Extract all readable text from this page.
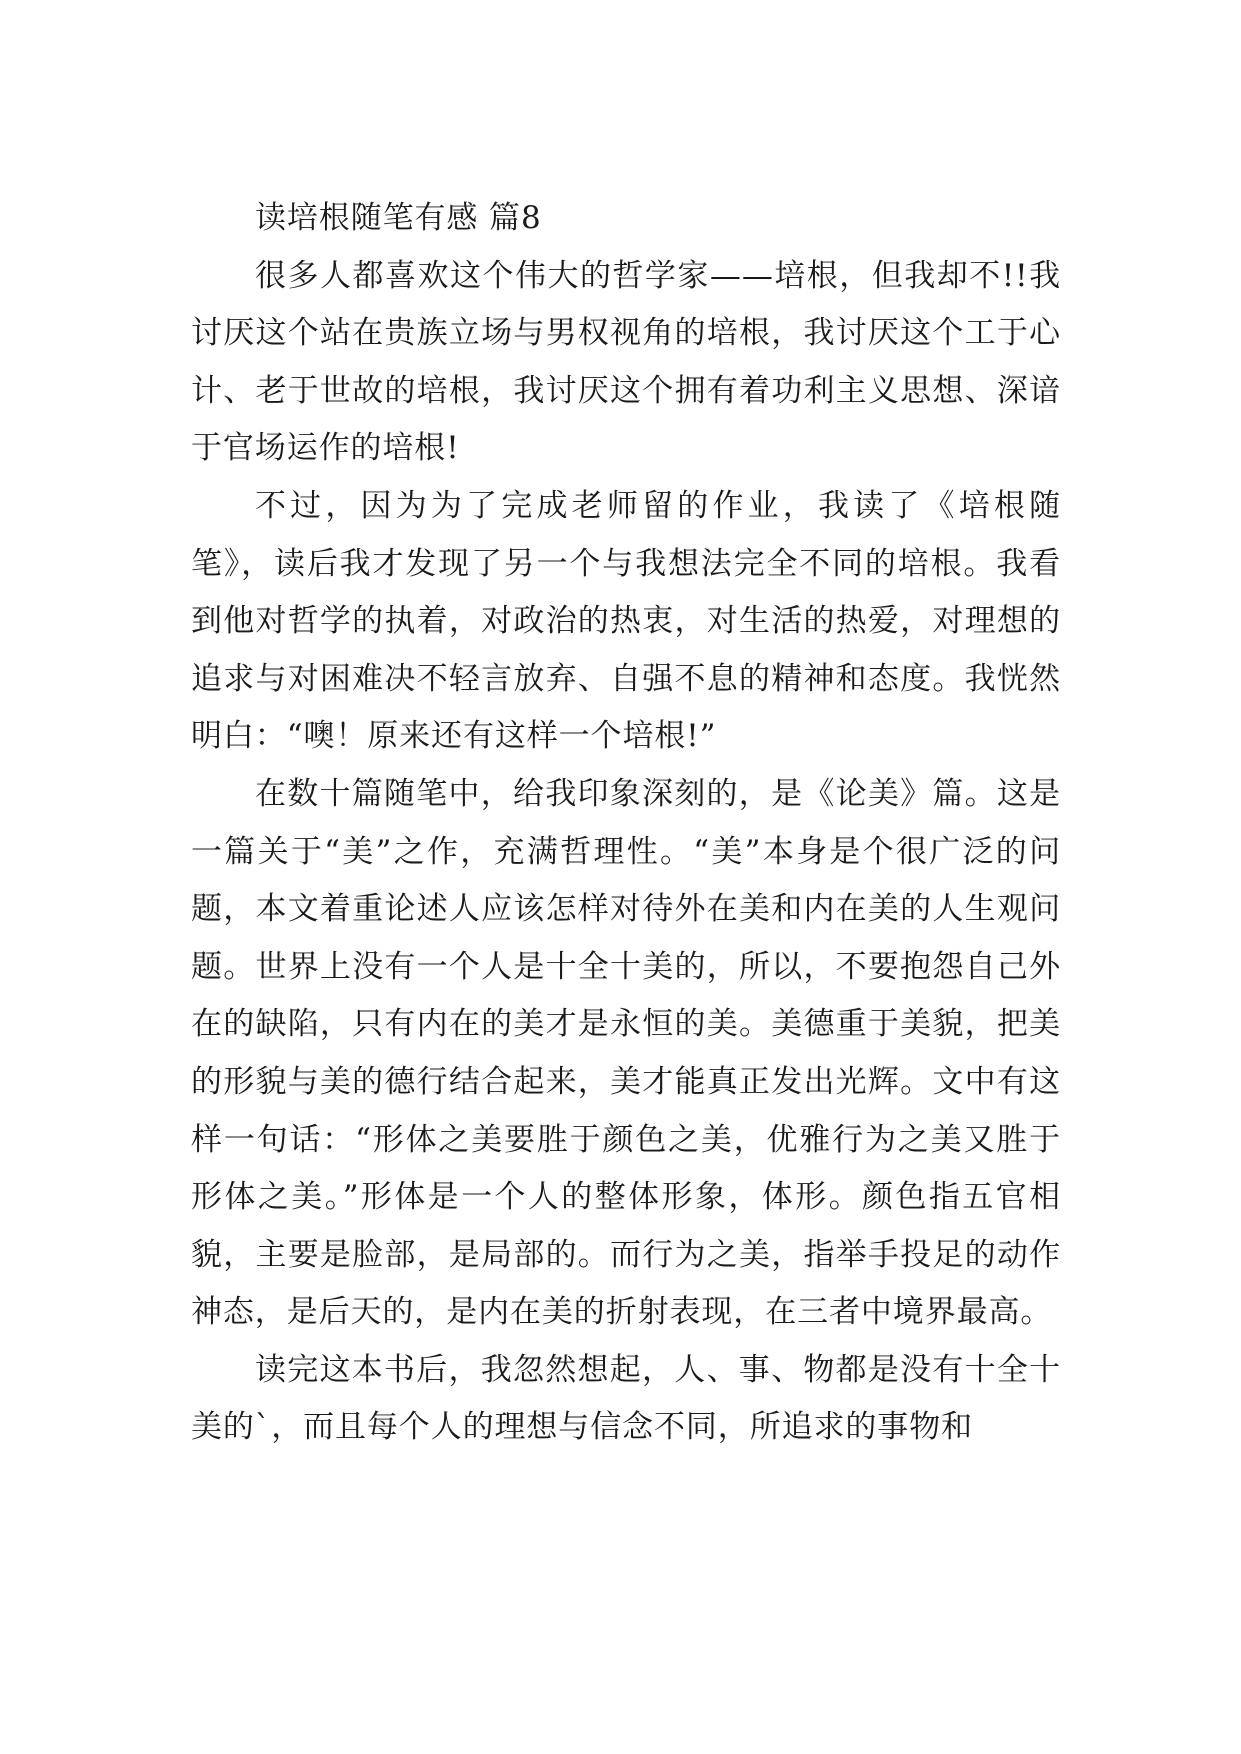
读培根随笔有感 篇8

很多人都喜欢这个伟大的哲学家——培根，但我却不!!我讨厌这个站在贵族立场与男权视角的培根，我讨厌这个工于心计、老于世故的培根，我讨厌这个拥有着功利主义思想、深谙于官场运作的培根!

不过，因为为了完成老师留的作业，我读了《培根随笔》，读后我才发现了另一个与我想法完全不同的培根。我看到他对哲学的执着，对政治的热衷，对生活的热爱，对理想的追求与对困难决不轻言放弃、自强不息的精神和态度。我恍然明白：“噢！原来还有这样一个培根!”

在数十篇随笔中，给我印象深刻的，是《论美》篇。这是一篇关于“美”之作，充满哲理性。“美”本身是个很广泛的问题，本文着重论述人应该怎样对待外在美和内在美的人生观问题。世界上没有一个人是十全十美的，所以，不要抱怨自己外在的缺陷，只有内在的美才是永恒的美。美德重于美貌，把美的形貌与美的德行结合起来，美才能真正发出光辉。文中有这样一句话：“形体之美要胜于颜色之美，优雅行为之美又胜于形体之美。”形体是一个人的整体形象，体形。颜色指五官相貌，主要是脸部，是局部的。而行为之美，指举手投足的动作神态，是后天的，是内在美的折射表现，在三者中境界最高。

读完这本书后，我忽然想起，人、事、物都是没有十全十美的`，而且每个人的理想与信念不同，所追求的事物和
